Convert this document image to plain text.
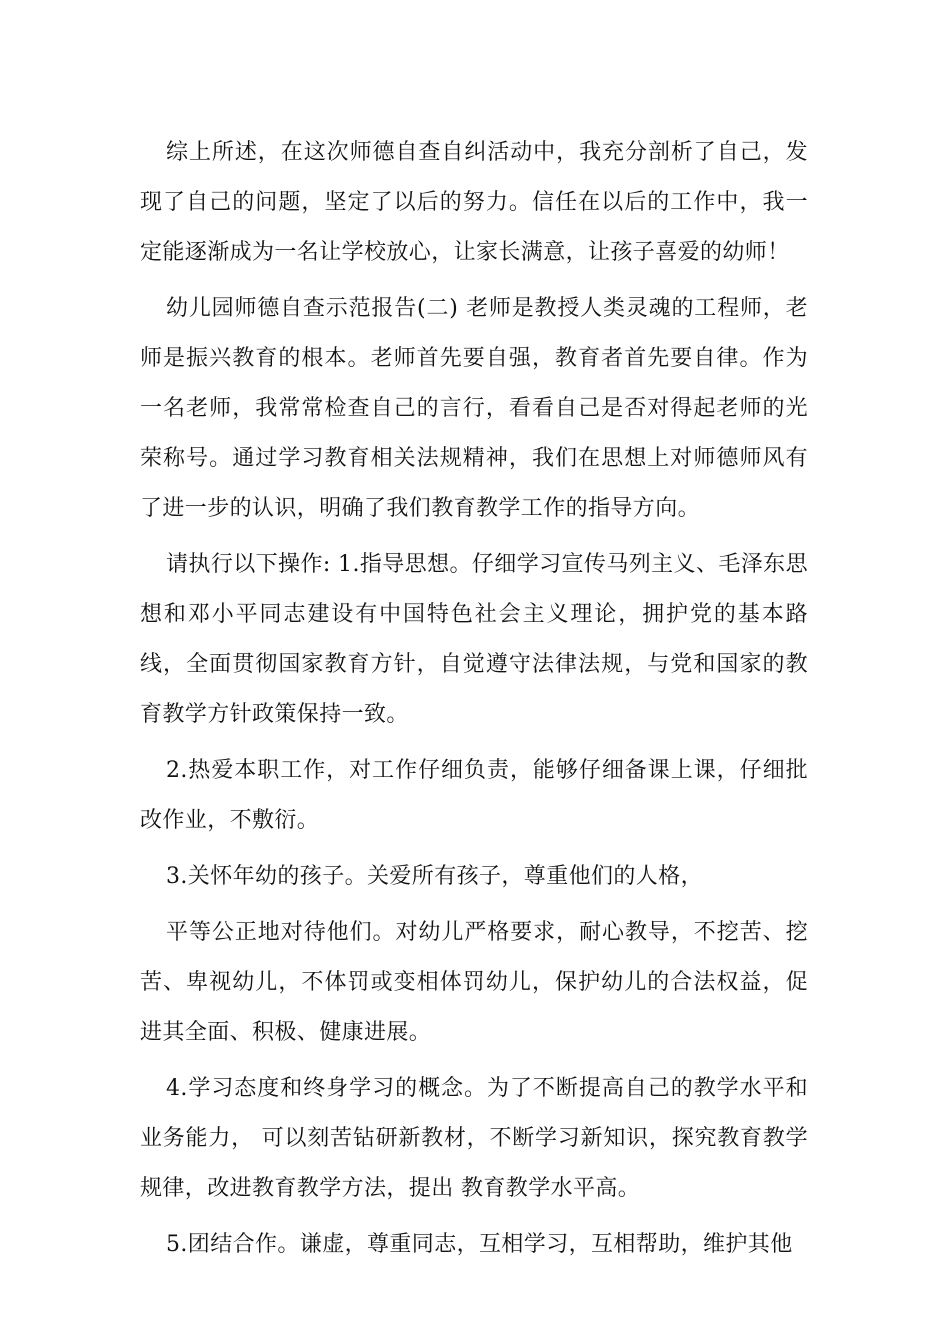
综上所述，在这次师德自查自纠活动中，我充分剖析了自己，发现了自己的问题，坚定了以后的努力。信任在以后的工作中，我一定能逐渐成为一名让学校放心，让家长满意，让孩子喜爱的幼师！

幼儿园师德自查示范报告(二) 老师是教授人类灵魂的工程师，老师是振兴教育的根本。老师首先要自强，教育者首先要自律。作为一名老师，我常常检查自己的言行，看看自己是否对得起老师的光荣称号。通过学习教育相关法规精神，我们在思想上对师德师风有了进一步的认识，明确了我们教育教学工作的指导方向。

请执行以下操作: 1.指导思想。仔细学习宣传马列主义、毛泽东思想和邓小平同志建设有中国特色社会主义理论，拥护党的基本路线，全面贯彻国家教育方针，自觉遵守法律法规，与党和国家的教育教学方针政策保持一致。

2.热爱本职工作，对工作仔细负责，能够仔细备课上课，仔细批改作业，不敷衍。

3.关怀年幼的孩子。关爱所有孩子，尊重他们的人格，

平等公正地对待他们。对幼儿严格要求，耐心教导，不挖苦、挖苦、卑视幼儿，不体罚或变相体罚幼儿，保护幼儿的合法权益，促进其全面、积极、健康进展。

4.学习态度和终身学习的概念。为了不断提高自己的教学水平和业务能力， 可以刻苦钻研新教材，不断学习新知识，探究教育教学规律，改进教育教学方法，提出 教育教学水平高。

5.团结合作。谦虚，尊重同志，互相学习，互相帮助，维护其他
